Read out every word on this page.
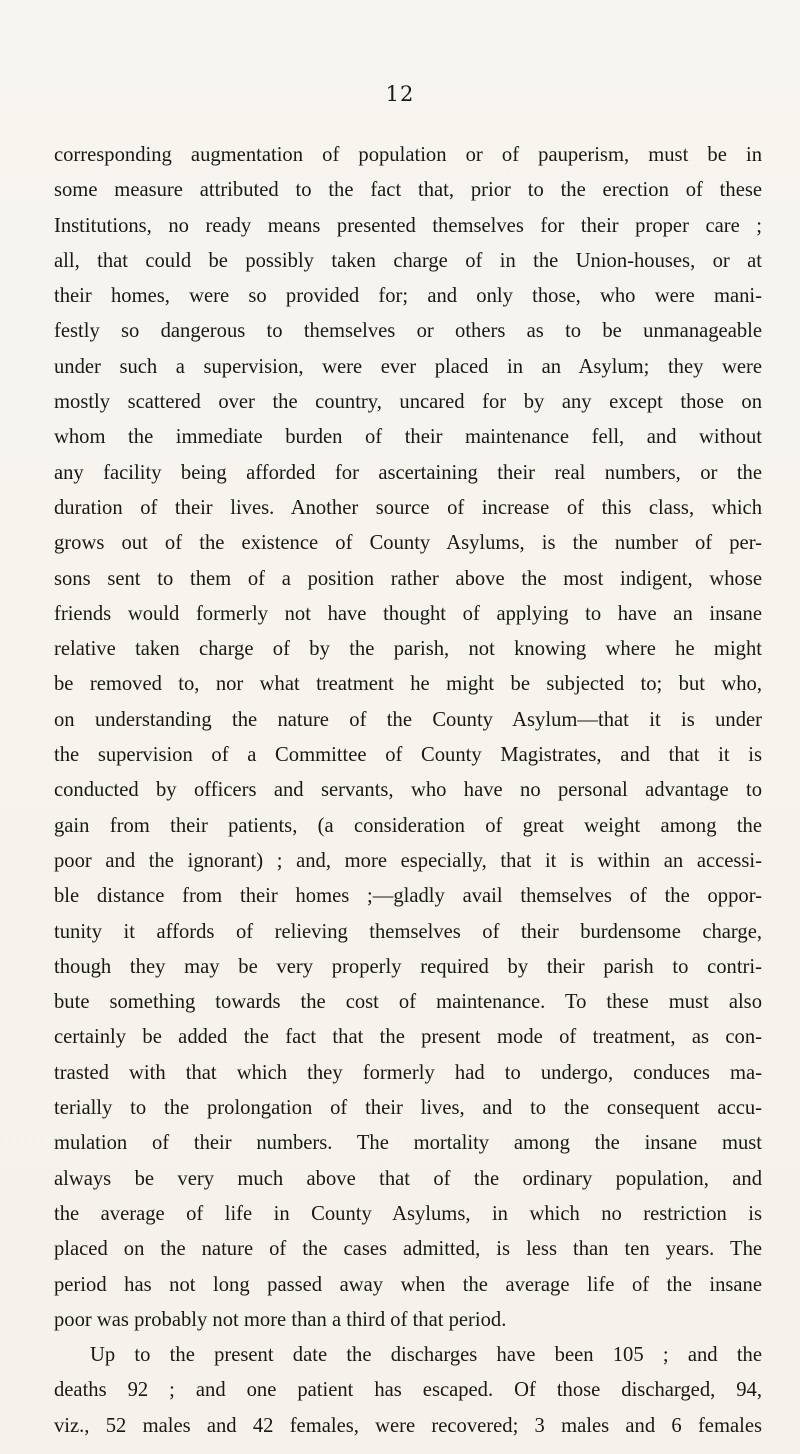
12
corresponding augmentation of population or of pauperism, must be in
some measure attributed to the fact that, prior to the erection of these
Institutions, no ready means presented themselves for their proper care ;
all, that could be possibly taken charge of in the Union-houses, or at
their homes, were so provided for; and only those, who were mani-
festly so dangerous to themselves or others as to be unmanageable
under such a supervision, were ever placed in an Asylum; they were
mostly scattered over the country, uncared for by any except those on
whom the immediate burden of their maintenance fell, and without
any facility being afforded for ascertaining their real numbers, or the
duration of their lives. Another source of increase of this class, which
grows out of the existence of County Asylums, is the number of per-
sons sent to them of a position rather above the most indigent, whose
friends would formerly not have thought of applying to have an insane
relative taken charge of by the parish, not knowing where he might
be removed to, nor what treatment he might be subjected to; but who,
on understanding the nature of the County Asylum—that it is under
the supervision of a Committee of County Magistrates, and that it is
conducted by officers and servants, who have no personal advantage to
gain from their patients, (a consideration of great weight among the
poor and the ignorant) ; and, more especially, that it is within an accessi-
ble distance from their homes ;—gladly avail themselves of the oppor-
tunity it affords of relieving themselves of their burdensome charge,
though they may be very properly required by their parish to contri-
bute something towards the cost of maintenance. To these must also
certainly be added the fact that the present mode of treatment, as con-
trasted with that which they formerly had to undergo, conduces ma-
terially to the prolongation of their lives, and to the consequent accu-
mulation of their numbers. The mortality among the insane must
always be very much above that of the ordinary population, and
the average of life in County Asylums, in which no restriction is
placed on the nature of the cases admitted, is less than ten years. The
period has not long passed away when the average life of the insane
poor was probably not more than a third of that period.
Up to the present date the discharges have been 105 ; and the
deaths 92 ; and one patient has escaped. Of those discharged, 94,
viz., 52 males and 42 females, were recovered; 3 males and 6 females
